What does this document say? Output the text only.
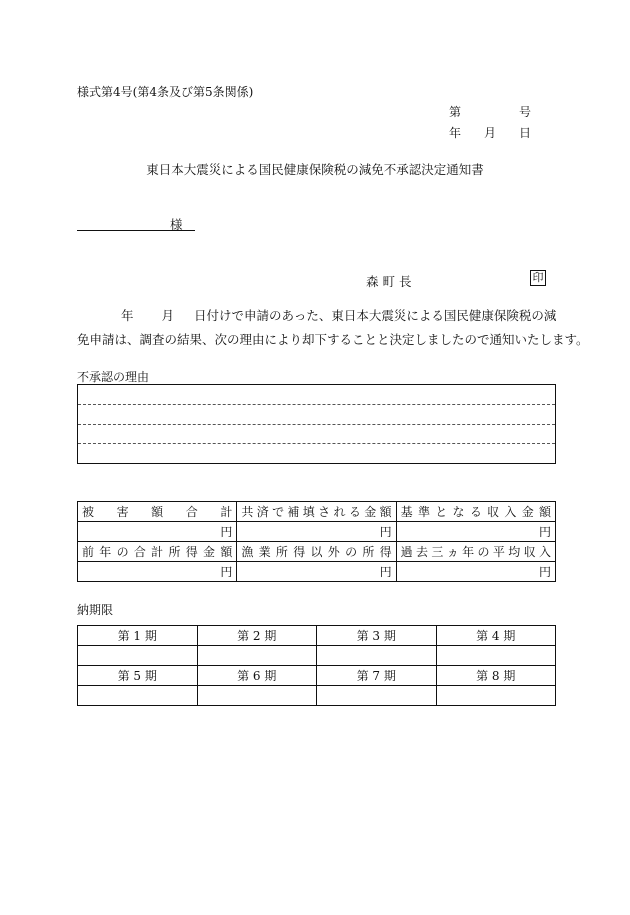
様式第4号(第4条及び第5条関係)
第	号
年 月 日
東日本大震災による国民健康保険税の減免不承認決定通知書
様
森町長	印
年 月 日付けで申請のあった、東日本大震災による国民健康保険税の減
免申請は、調査の結果、次の理由により却下することと決定しましたので通知いたします。
不承認の理由
被害額合計	共済で補填される金額	基準となる収入金額
円	円	円
前年の合計所得金額	漁業所得以外の所得	過去三ヵ年の平均収入
円	円	円
納期限
第 1 期	第 2 期	第 3 期	第 4 期

第 5 期	第 6 期	第 7 期	第 8 期
